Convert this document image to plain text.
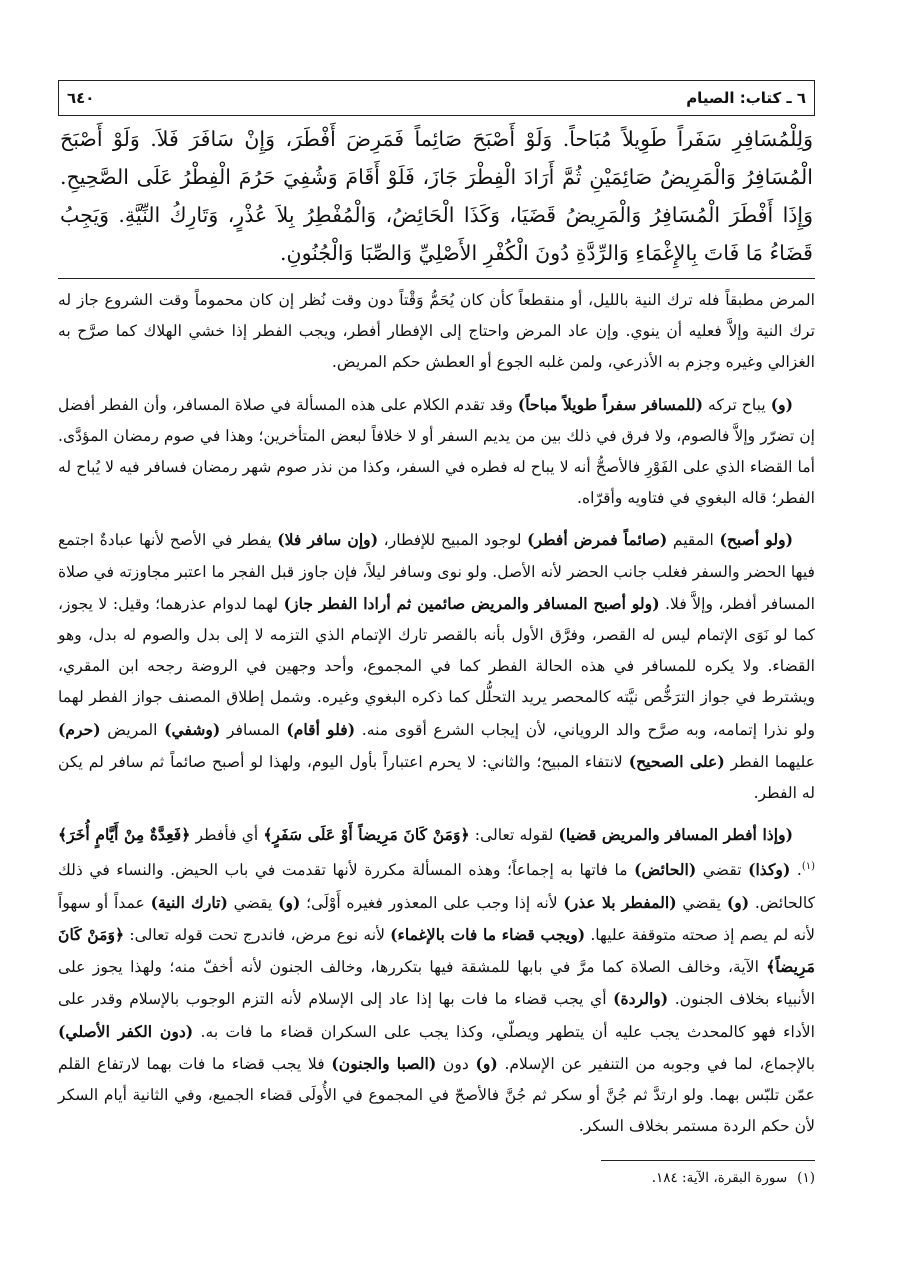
٦ ـ كتاب: الصيام
٦٤٠
وَلِلْمُسَافِرِ سَفَراً طَوِيلاً مُبَاحاً. وَلَوْ أَصْبَحَ صَائِماً فَمَرِضَ أَفْطَرَ، وَإِنْ سَافَرَ فَلاَ. وَلَوْ أَصْبَحَ الْمُسَافِرُ وَالْمَرِيضُ صَائِمَيْنِ ثُمَّ أَرَادَ الْفِطْرَ جَازَ، فَلَوْ أَقَامَ وَشُفِيَ حَرُمَ الْفِطْرُ عَلَى الصَّحِيحِ. وَإِذَا أَفْطَرَ الْمُسَافِرُ وَالْمَرِيضُ قَضَيَا، وَكَذَا الْحَائِضُ، وَالْمُفْطِرُ بِلاَ عُذْرٍ، وَتَارِكُ النِّيَّةِ. وَيَجِبُ قَضَاءُ مَا فَاتَ بِالإِغْمَاءِ وَالرِّدَّةِ دُونَ الْكُفْرِ الأَصْلِيِّ وَالصِّبَا وَالْجُنُونِ.

المرض مطبقاً فله ترك النية بالليل، أو منقطعاً كأن كان يُحَمُّ وَقْتاً دون وقت نُظر إن كان محموماً وقت الشروع جاز له ترك النية وإلاَّ فعليه أن ينوي. وإن عاد المرض واحتاج إلى الإفطار أفطر، ويجب الفطر إذا خشي الهلاك كما صرَّح به الغزالي وغيره وجزم به الأذرعي، ولمن غلبه الجوع أو العطش حكم المريض.

(و) يباح تركه (للمسافر سفراً طويلاً مباحاً) وقد تقدم الكلام على هذه المسألة في صلاة المسافر، وأن الفطر أفضل إن تضرّر وإلاَّ فالصوم، ولا فرق في ذلك بين من يديم السفر أو لا خلافاً لبعض المتأخرين؛ وهذا في صوم رمضان المؤدَّى. أما القضاء الذي على الفَوْرِ فالأصحُّ أنه لا يباح له فطره في السفر، وكذا من نذر صوم شهر رمضان فسافر فيه لا يُباح له الفطر؛ قاله البغوي في فتاويه وأقرّاه.

(ولو أصبح) المقيم (صائماً فمرض أفطر) لوجود المبيح للإفطار، (وإن سافر فلا) يفطر في الأصح لأنها عبادةٌ اجتمع فيها الحضر والسفر فغلب جانب الحضر لأنه الأصل. ولو نوى وسافر ليلاً، فإن جاوز قبل الفجر ما اعتبر مجاوزته في صلاة المسافر أفطر، وإلاَّ فلا. (ولو أصبح المسافر والمريض صائمين ثم أرادا الفطر جاز) لهما لدوام عذرهما؛ وقيل: لا يجوز، كما لو نَوَى الإتمام ليس له القصر، وفرَّق الأول بأنه بالقصر تارك الإتمام الذي التزمه لا إلى بدل والصوم له بدل، وهو القضاء. ولا يكره للمسافر في هذه الحالة الفطر كما في المجموع، وأحد وجهين في الروضة رجحه ابن المقري، ويشترط في جواز الترَخُّص نيَّته كالمحصر يريد التحلُّل كما ذكره البغوي وغيره. وشمل إطلاق المصنف جواز الفطر لهما ولو نذرا إتمامه، وبه صرَّح والد الروياني، لأن إيجاب الشرع أقوى منه. (فلو أقام) المسافر (وشفي) المريض (حرم) عليهما الفطر (على الصحيح) لانتفاء المبيح؛ والثاني: لا يحرم اعتباراً بأول اليوم، ولهذا لو أصبح صائماً ثم سافر لم يكن له الفطر.

(وإذا أفطر المسافر والمريض قضيا) لقوله تعالى: ﴿وَمَنْ كَانَ مَرِيضاً أَوْ عَلَى سَفَرٍ﴾ أي فأفطر ﴿فَعِدَّةٌ مِنْ أَيَّامٍ أُخَرَ﴾$^{(١)}$. (وكذا) تقضي (الحائض) ما فاتها به إجماعاً؛ وهذه المسألة مكررة لأنها تقدمت في باب الحيض. والنساء في ذلك كالحائض. (و) يقضي (المفطر بلا عذر) لأنه إذا وجب على المعذور فغيره أَوْلَى؛ (و) يقضي (تارك النية) عمداً أو سهواً لأنه لم يصم إذ صحته متوقفة عليها. (ويجب قضاء ما فات بالإغماء) لأنه نوع مرض، فاندرج تحت قوله تعالى: ﴿وَمَنْ كَانَ مَرِيضاً﴾ الآية، وخالف الصلاة كما مرَّ في بابها للمشقة فيها بتكررها، وخالف الجنون لأنه أخفّ منه؛ ولهذا يجوز على الأنبياء بخلاف الجنون. (والردة) أي يجب قضاء ما فات بها إذا عاد إلى الإسلام لأنه التزم الوجوب بالإسلام وقدر على الأداء فهو كالمحدث يجب عليه أن يتطهر ويصلّي، وكذا يجب على السكران قضاء ما فات به. (دون الكفر الأصلي) بالإجماع، لما في وجوبه من التنفير عن الإسلام. (و) دون (الصبا والجنون) فلا يجب قضاء ما فات بهما لارتفاع القلم عمّن تلبّس بهما. ولو ارتدَّ ثم جُنَّ أو سكر ثم جُنَّ فالأصحّ في المجموع في الأُولَى قضاء الجميع، وفي الثانية أيام السكر لأن حكم الردة مستمر بخلاف السكر.

(١)سورة البقرة، الآية: ١٨٤.
